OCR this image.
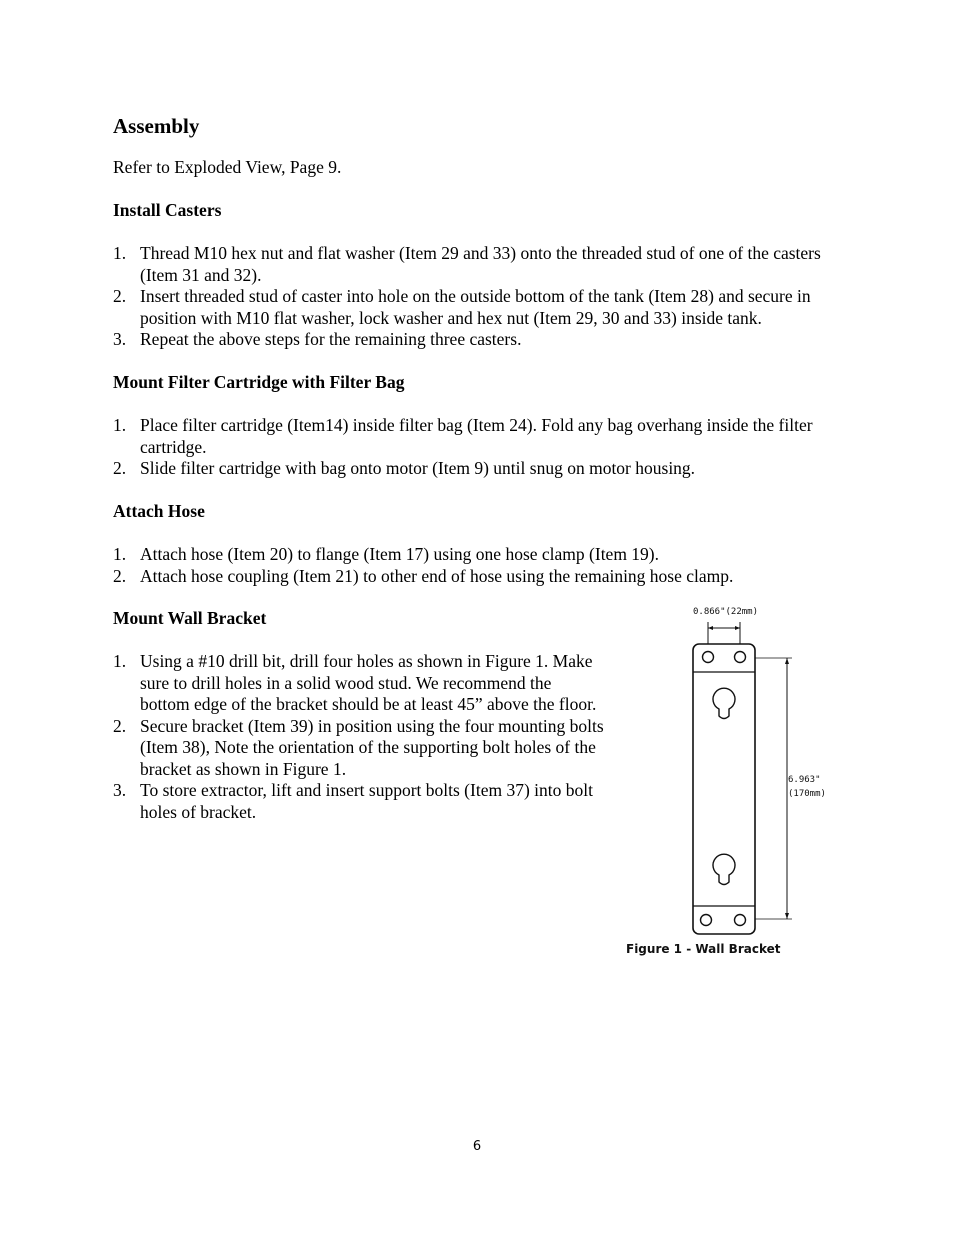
Assembly

Refer to Exploded View, Page 9.

Install Casters

1. Thread M10 hex nut and flat washer (Item 29 and 33) onto the threaded stud of one of the casters (Item 31 and 32).
2. Insert threaded stud of caster into hole on the outside bottom of the tank (Item 28) and secure in position with M10 flat washer, lock washer and hex nut (Item 29, 30 and 33) inside tank.
3. Repeat the above steps for the remaining three casters.

Mount Filter Cartridge with Filter Bag

1. Place filter cartridge (Item14) inside filter bag (Item 24). Fold any bag overhang inside the filter cartridge.
2. Slide filter cartridge with bag onto motor (Item 9) until snug on motor housing.

Attach Hose

1. Attach hose (Item 20) to flange (Item 17) using one hose clamp (Item 19).
2. Attach hose coupling (Item 21) to other end of hose using the remaining hose clamp.

Mount Wall Bracket

1. Using a #10 drill bit, drill four holes as shown in Figure 1. Make sure to drill holes in a solid wood stud. We recommend the bottom edge of the bracket should be at least 45” above the floor.
2. Secure bracket (Item 39) in position using the four mounting bolts (Item 38), Note the orientation of the supporting bolt holes of the bracket as shown in Figure 1.
3. To store extractor, lift and insert support bolts (Item 37) into bolt holes of bracket.
0.866"(22mm)
6.963"
(170mm)

Figure 1 - Wall Bracket

6
